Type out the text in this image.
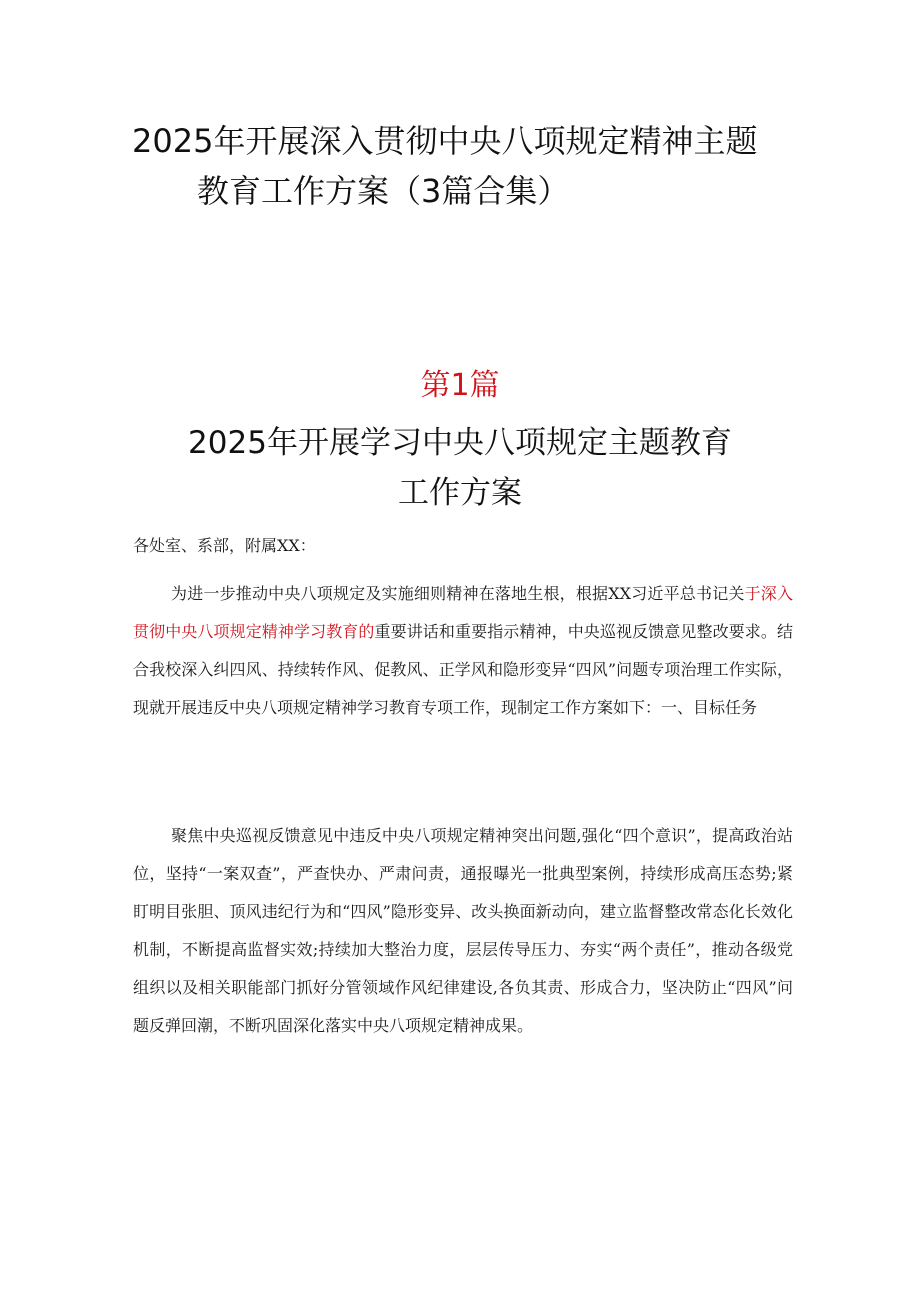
2025年开展深入贯彻中央八项规定精神主题
教育工作方案（3篇合集）
第1篇
2025年开展学习中央八项规定主题教育
工作方案
各处室、系部，附属XX：

为进一步推动中央八项规定及实施细则精神在落地生根，根据XX习近平总书记关于深入贯彻中央八项规定精神学习教育的重要讲话和重要指示精神，中央巡视反馈意见整改要求。结合我校深入纠四风、持续转作风、促教风、正学风和隐形变异“四风”问题专项治理工作实际，现就开展违反中央八项规定精神学习教育专项工作，现制定工作方案如下：一、目标任务

聚焦中央巡视反馈意见中违反中央八项规定精神突出问题,强化“四个意识”，提高政治站位，坚持“一案双查”，严查快办、严肃问责，通报曝光一批典型案例，持续形成高压态势;紧盯明目张胆、顶风违纪行为和“四风”隐形变异、改头换面新动向，建立监督整改常态化长效化机制，不断提高监督实效;持续加大整治力度，层层传导压力、夯实“两个责任”，推动各级党组织以及相关职能部门抓好分管领域作风纪律建设,各负其责、形成合力，坚决防止“四风”问题反弹回潮，不断巩固深化落实中央八项规定精神成果。
